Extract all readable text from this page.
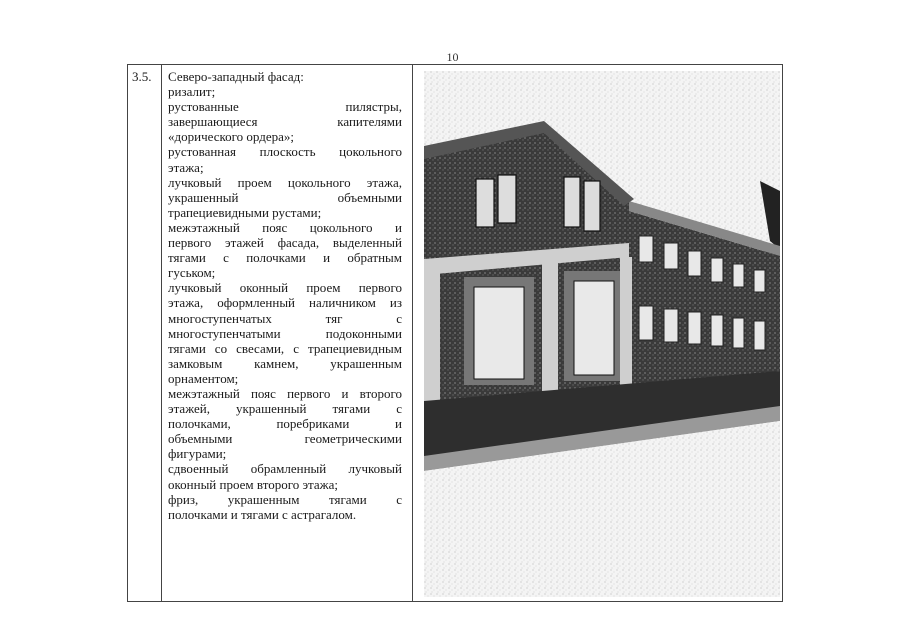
10
3.5. Северо-западный фасад:
ризалит;
рустованные пилястры,
завершающиеся капителями
«дорического ордера»;
рустованная плоскость цокольного
этажа;
лучковый проем цокольного этажа,
украшенный объемными
трапециевидными рустами;
межэтажный пояс цокольного и
первого этажей фасада, выделенный
тягами с полочками и обратным
гуськом;
лучковый оконный проем первого
этажа, оформленный наличником из
многоступенчатых тяг с
многоступенчатыми подоконными
тягами со свесами, с трапециевидным
замковым камнем, украшенным
орнаментом;
межэтажный пояс первого и второго
этажей, украшенный тягами с
полочками, поребриками и
объемными геометрическими
фигурами;
сдвоенный обрамленный лучковый
оконный проем второго этажа;
фриз, украшенным тягами с
полочками и тягами с астрагалом.
